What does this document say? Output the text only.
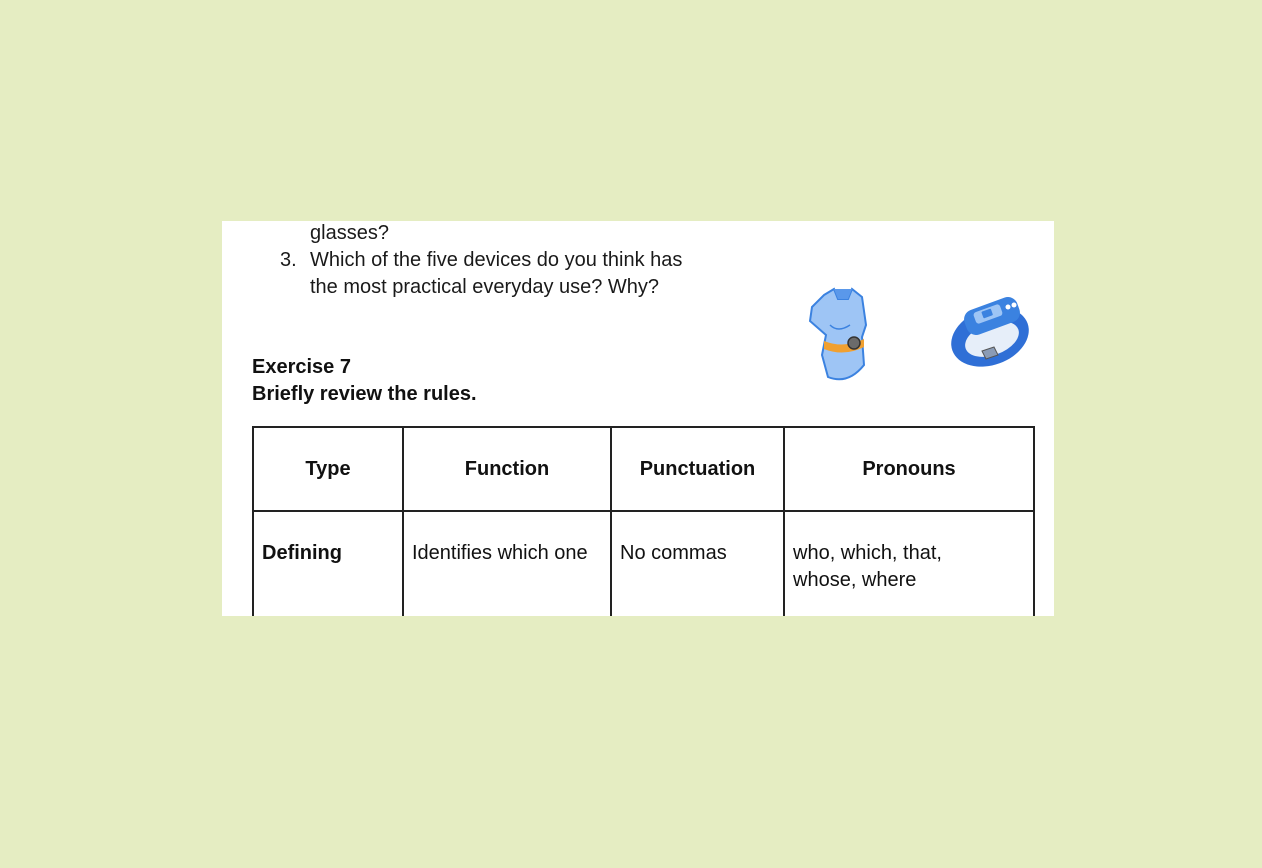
glasses?
3. Which of the five devices do you think has
the most practical everyday use? Why?
Exercise 7
Briefly review the rules.
Type	Function	Punctuation	Pronouns
Defining	Identifies which one	No commas	who, which, that,
whose, where
